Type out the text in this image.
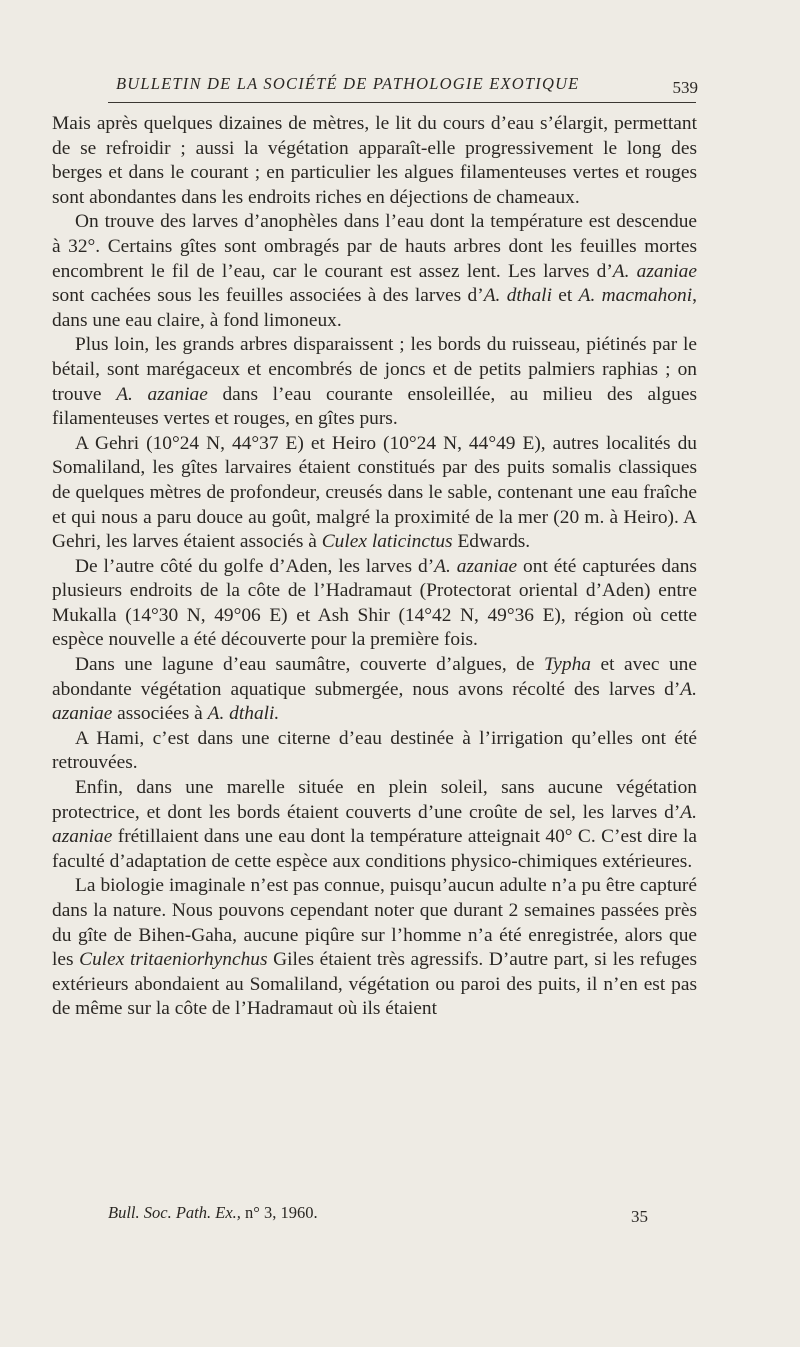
BULLETIN DE LA SOCIÉTÉ DE PATHOLOGIE EXOTIQUE	539

Mais après quelques dizaines de mètres, le lit du cours d’eau s’élargit, permettant de se refroidir ; aussi la végétation apparaît-elle progressivement le long des berges et dans le courant ; en particulier les algues filamenteuses vertes et rouges sont abondantes dans les endroits riches en déjections de chameaux.

On trouve des larves d’anophèles dans l’eau dont la température est descendue à 32°. Certains gîtes sont ombragés par de hauts arbres dont les feuilles mortes encombrent le fil de l’eau, car le courant est assez lent. Les larves d’A. azaniae sont cachées sous les feuilles associées à des larves d’A. dthali et A. macmahoni, dans une eau claire, à fond limoneux.

Plus loin, les grands arbres disparaissent ; les bords du ruisseau, piétinés par le bétail, sont marégaceux et encombrés de joncs et de petits palmiers raphias ; on trouve A. azaniae dans l’eau courante ensoleillée, au milieu des algues filamenteuses vertes et rouges, en gîtes purs.

A Gehri (10°24 N, 44°37 E) et Heiro (10°24 N, 44°49 E), autres localités du Somaliland, les gîtes larvaires étaient constitués par des puits somalis classiques de quelques mètres de profondeur, creusés dans le sable, contenant une eau fraîche et qui nous a paru douce au goût, malgré la proximité de la mer (20 m. à Heiro). A Gehri, les larves étaient associés à Culex laticinctus Edwards.

De l’autre côté du golfe d’Aden, les larves d’A. azaniae ont été capturées dans plusieurs endroits de la côte de l’Hadramaut (Protectorat oriental d’Aden) entre Mukalla (14°30 N, 49°06 E) et Ash Shir (14°42 N, 49°36 E), région où cette espèce nouvelle a été découverte pour la première fois.

Dans une lagune d’eau saumâtre, couverte d’algues, de Typha et avec une abondante végétation aquatique submergée, nous avons récolté des larves d’A. azaniae associées à A. dthali.

A Hami, c’est dans une citerne d’eau destinée à l’irrigation qu’elles ont été retrouvées.

Enfin, dans une marelle située en plein soleil, sans aucune végétation protectrice, et dont les bords étaient couverts d’une croûte de sel, les larves d’A. azaniae frétillaient dans une eau dont la température atteignait 40° C. C’est dire la faculté d’adaptation de cette espèce aux conditions physico-chimiques extérieures.

La biologie imaginale n’est pas connue, puisqu’aucun adulte n’a pu être capturé dans la nature. Nous pouvons cependant noter que durant 2 semaines passées près du gîte de Bihen-Gaha, aucune piqûre sur l’homme n’a été enregistrée, alors que les Culex tritaeniorhynchus Giles étaient très agressifs. D’autre part, si les refuges extérieurs abondaient au Somaliland, végétation ou paroi des puits, il n’en est pas de même sur la côte de l’Hadramaut où ils étaient

Bull. Soc. Path. Ex., n° 3, 1960.	35
